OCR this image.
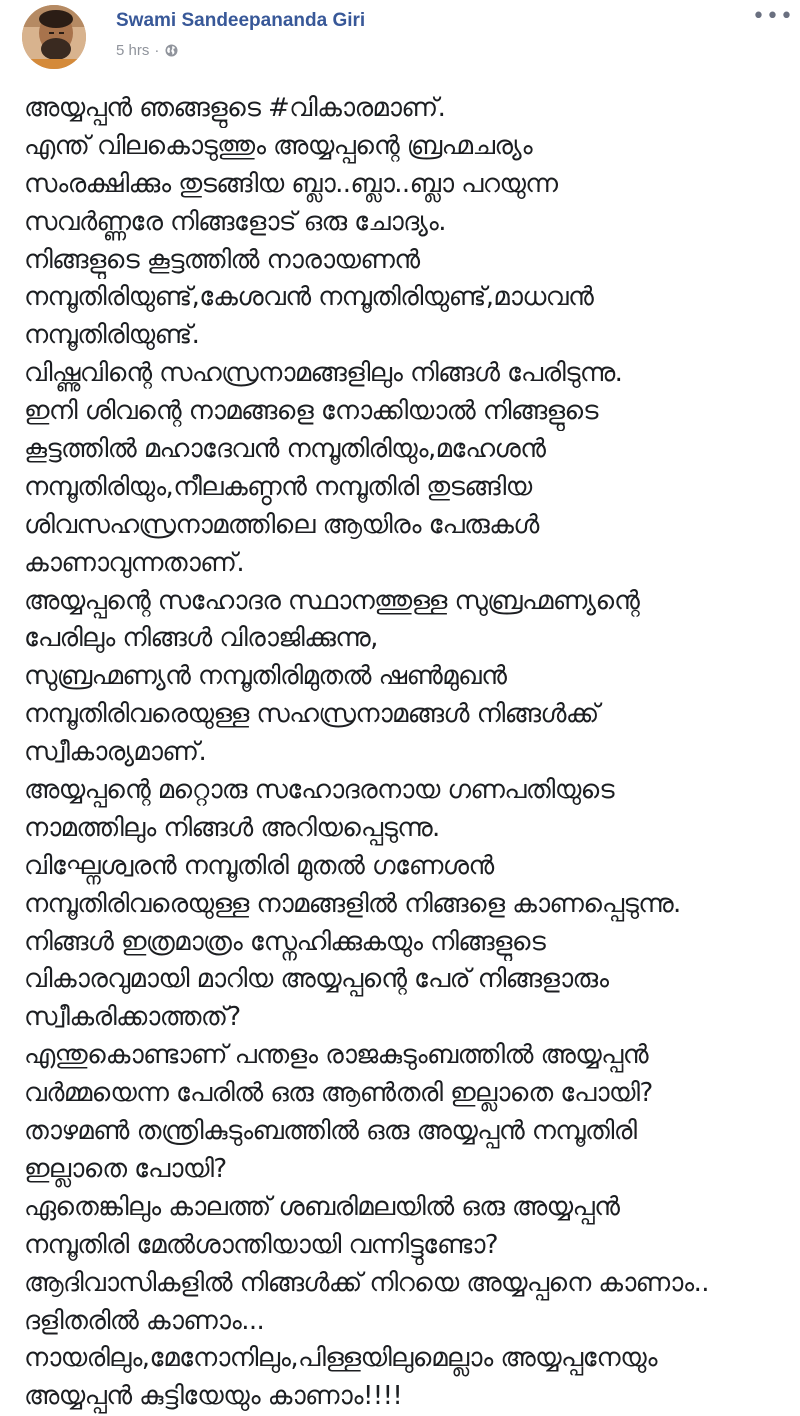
Swami Sandeepananda Giri
5 hrs ·
•••
അയ്യപ്പൻ ഞങ്ങളുടെ #വികാരമാണ്.
എന്ത് വിലകൊടുത്തും അയ്യപ്പന്റെ ബ്രഹ്മചര്യം
സംരക്ഷിക്കും തുടങ്ങിയ ബ്ലാ..ബ്ലാ..ബ്ലാ പറയുന്ന
സവർണ്ണരേ നിങ്ങളോട് ഒരു ചോദ്യം.
നിങ്ങളുടെ കൂട്ടത്തിൽ നാരായണൻ
നമ്പൂതിരിയുണ്ട്,കേശവൻ നമ്പൂതിരിയുണ്ട്,മാധവൻ
നമ്പൂതിരിയുണ്ട്.
വിഷ്ണുവിന്റെ സഹസ്രനാമങ്ങളിലും നിങ്ങൾ പേരിടുന്നു.
ഇനി ശിവന്റെ നാമങ്ങളെ നോക്കിയാൽ നിങ്ങളുടെ
കൂട്ടത്തിൽ മഹാദേവൻ നമ്പൂതിരിയും,മഹേശൻ
നമ്പൂതിരിയും,നീലകണ്ഠൻ നമ്പൂതിരി തുടങ്ങിയ
ശിവസഹസ്രനാമത്തിലെ ആയിരം പേരുകൾ
കാണാവുന്നതാണ്.
അയ്യപ്പന്റെ സഹോദര സ്ഥാനത്തുള്ള സുബ്രഹ്മണ്യന്റെ
പേരിലും നിങ്ങൾ വിരാജിക്കുന്നു,
സുബ്രഹ്മണ്യൻ നമ്പൂതിരിമുതൽ ഷൺമുഖൻ
നമ്പൂതിരിവരെയുള്ള സഹസ്രനാമങ്ങൾ നിങ്ങൾക്ക്
സ്വീകാര്യമാണ്.
അയ്യപ്പന്റെ മറ്റൊരു സഹോദരനായ ഗണപതിയുടെ
നാമത്തിലും നിങ്ങൾ അറിയപ്പെടുന്നു.
വിഘ്നേശ്വരൻ നമ്പൂതിരി മുതൽ ഗണേശൻ
നമ്പൂതിരിവരെയുള്ള നാമങ്ങളിൽ നിങ്ങളെ കാണപ്പെടുന്നു.
നിങ്ങൾ ഇത്രമാത്രം സ്നേഹിക്കുകയും നിങ്ങളുടെ
വികാരവുമായി മാറിയ അയ്യപ്പന്റെ പേര് നിങ്ങളാരും
സ്വീകരിക്കാത്തത്?
എന്തുകൊണ്ടാണ് പന്തളം രാജകുടുംബത്തിൽ അയ്യപ്പൻ
വർമ്മയെന്ന പേരിൽ ഒരു ആൺതരി ഇല്ലാതെ പോയി?
താഴമൺ തന്ത്രികുടുംബത്തിൽ ഒരു അയ്യപ്പൻ നമ്പൂതിരി
ഇല്ലാതെ പോയി?
ഏതെങ്കിലും കാലത്ത് ശബരിമലയിൽ ഒരു അയ്യപ്പൻ
നമ്പൂതിരി മേൽശാന്തിയായി വന്നിട്ടുണ്ടോ?
ആദിവാസികളിൽ നിങ്ങൾക്ക് നിറയെ അയ്യപ്പനെ കാണാം..
ദളിതരിൽ കാണാം...
നായരിലും,മേനോനിലും,പിള്ളയിലുമെല്ലാം അയ്യപ്പനേയും
അയ്യപ്പൻ കുട്ടിയേയും കാണാം!!!!
